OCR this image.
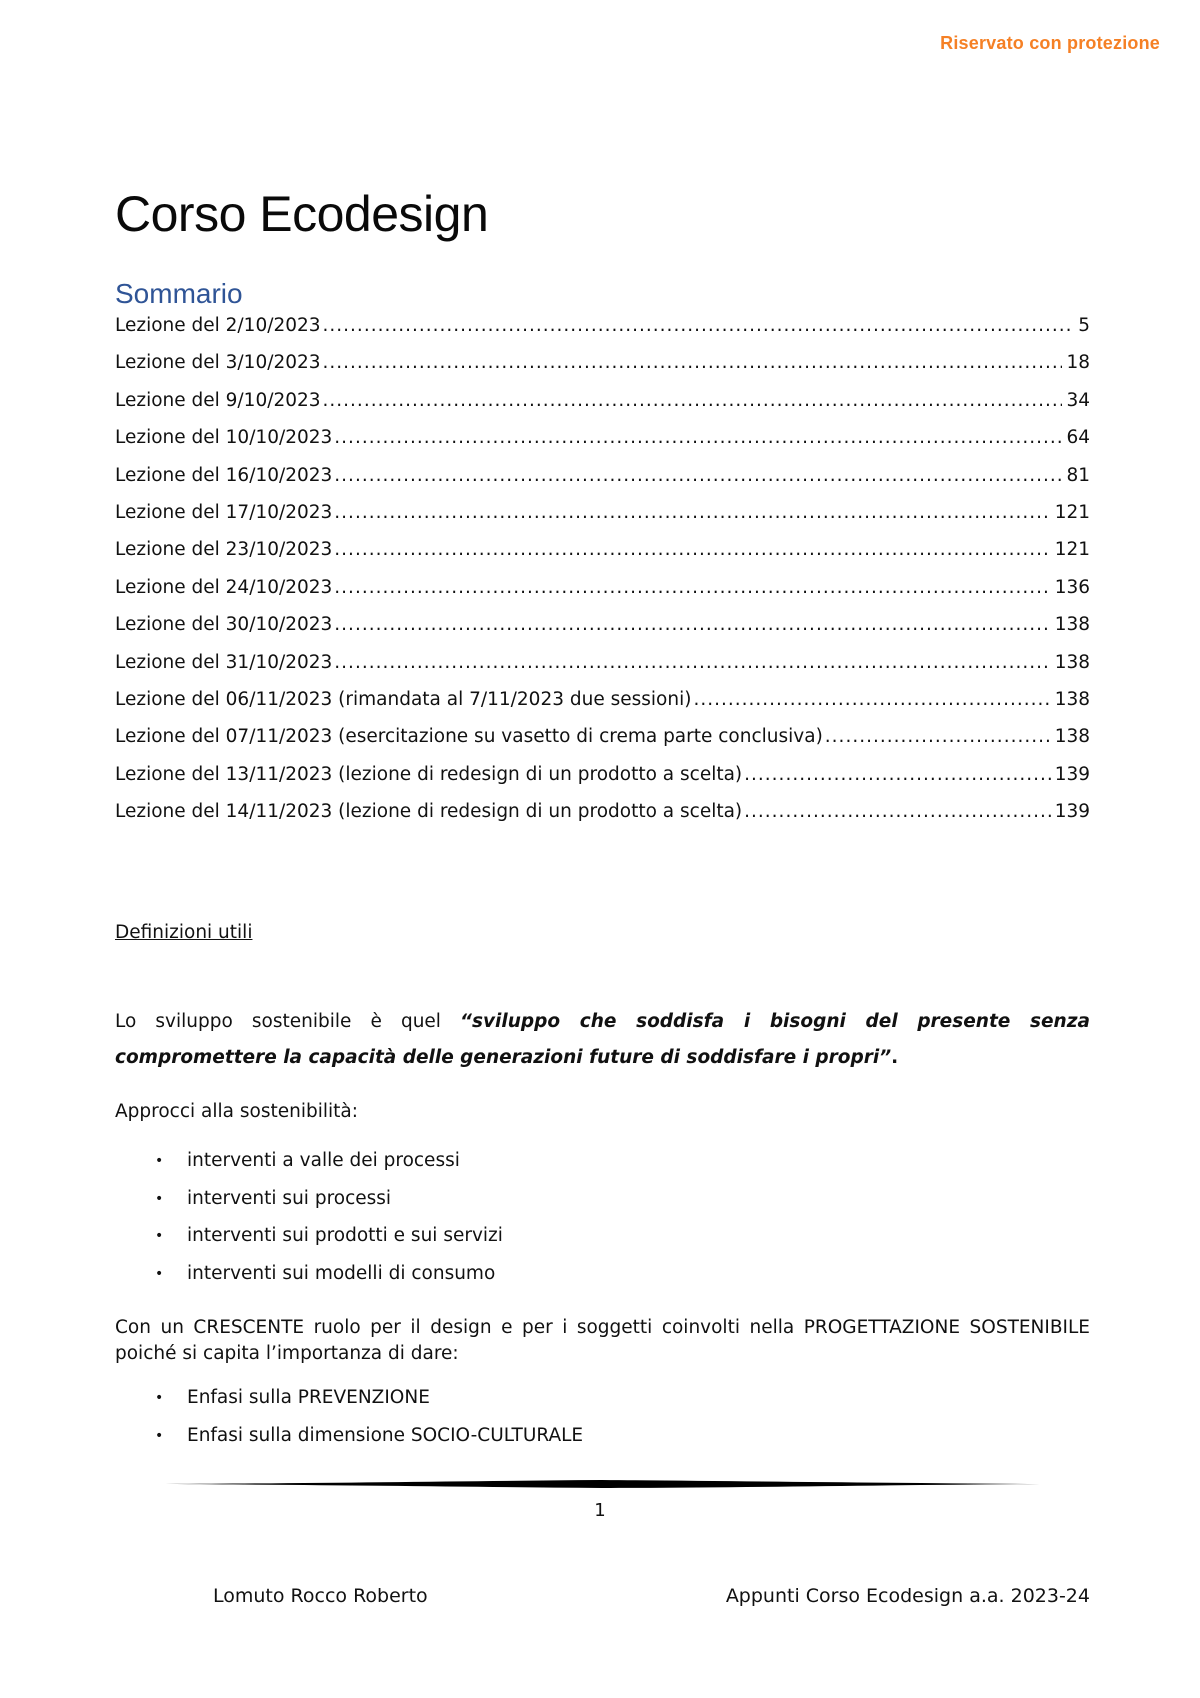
Riservato con protezione
Corso Ecodesign
Sommario
Lezione del 2/10/2023 .....	5
Lezione del 3/10/2023 .....	18
Lezione del 9/10/2023 .....	34
Lezione del 10/10/2023 .....	64
Lezione del 16/10/2023 .....	81
Lezione del 17/10/2023 .....	121
Lezione del 23/10/2023 .....	121
Lezione del 24/10/2023 .....	136
Lezione del 30/10/2023 .....	138
Lezione del 31/10/2023 .....	138
Lezione del 06/11/2023 (rimandata al 7/11/2023 due sessioni) .....	138
Lezione del 07/11/2023 (esercitazione su vasetto di crema parte conclusiva) .....	138
Lezione del 13/11/2023 (lezione di redesign di un prodotto a scelta) .....	139
Lezione del 14/11/2023 (lezione di redesign di un prodotto a scelta) .....	139
Definizioni utili

Lo sviluppo sostenibile è quel “sviluppo che soddisfa i bisogni del presente senza compromettere la capacità delle generazioni future di soddisfare i propri”.

Approcci alla sostenibilità:

• interventi a valle dei processi
• interventi sui processi
• interventi sui prodotti e sui servizi
• interventi sui modelli di consumo

Con un CRESCENTE ruolo per il design e per i soggetti coinvolti nella PROGETTAZIONE SOSTENIBILE poiché si capita l’importanza di dare:

• Enfasi sulla PREVENZIONE
• Enfasi sulla dimensione SOCIO-CULTURALE
1
Lomuto Rocco Roberto	Appunti Corso Ecodesign a.a. 2023-24
